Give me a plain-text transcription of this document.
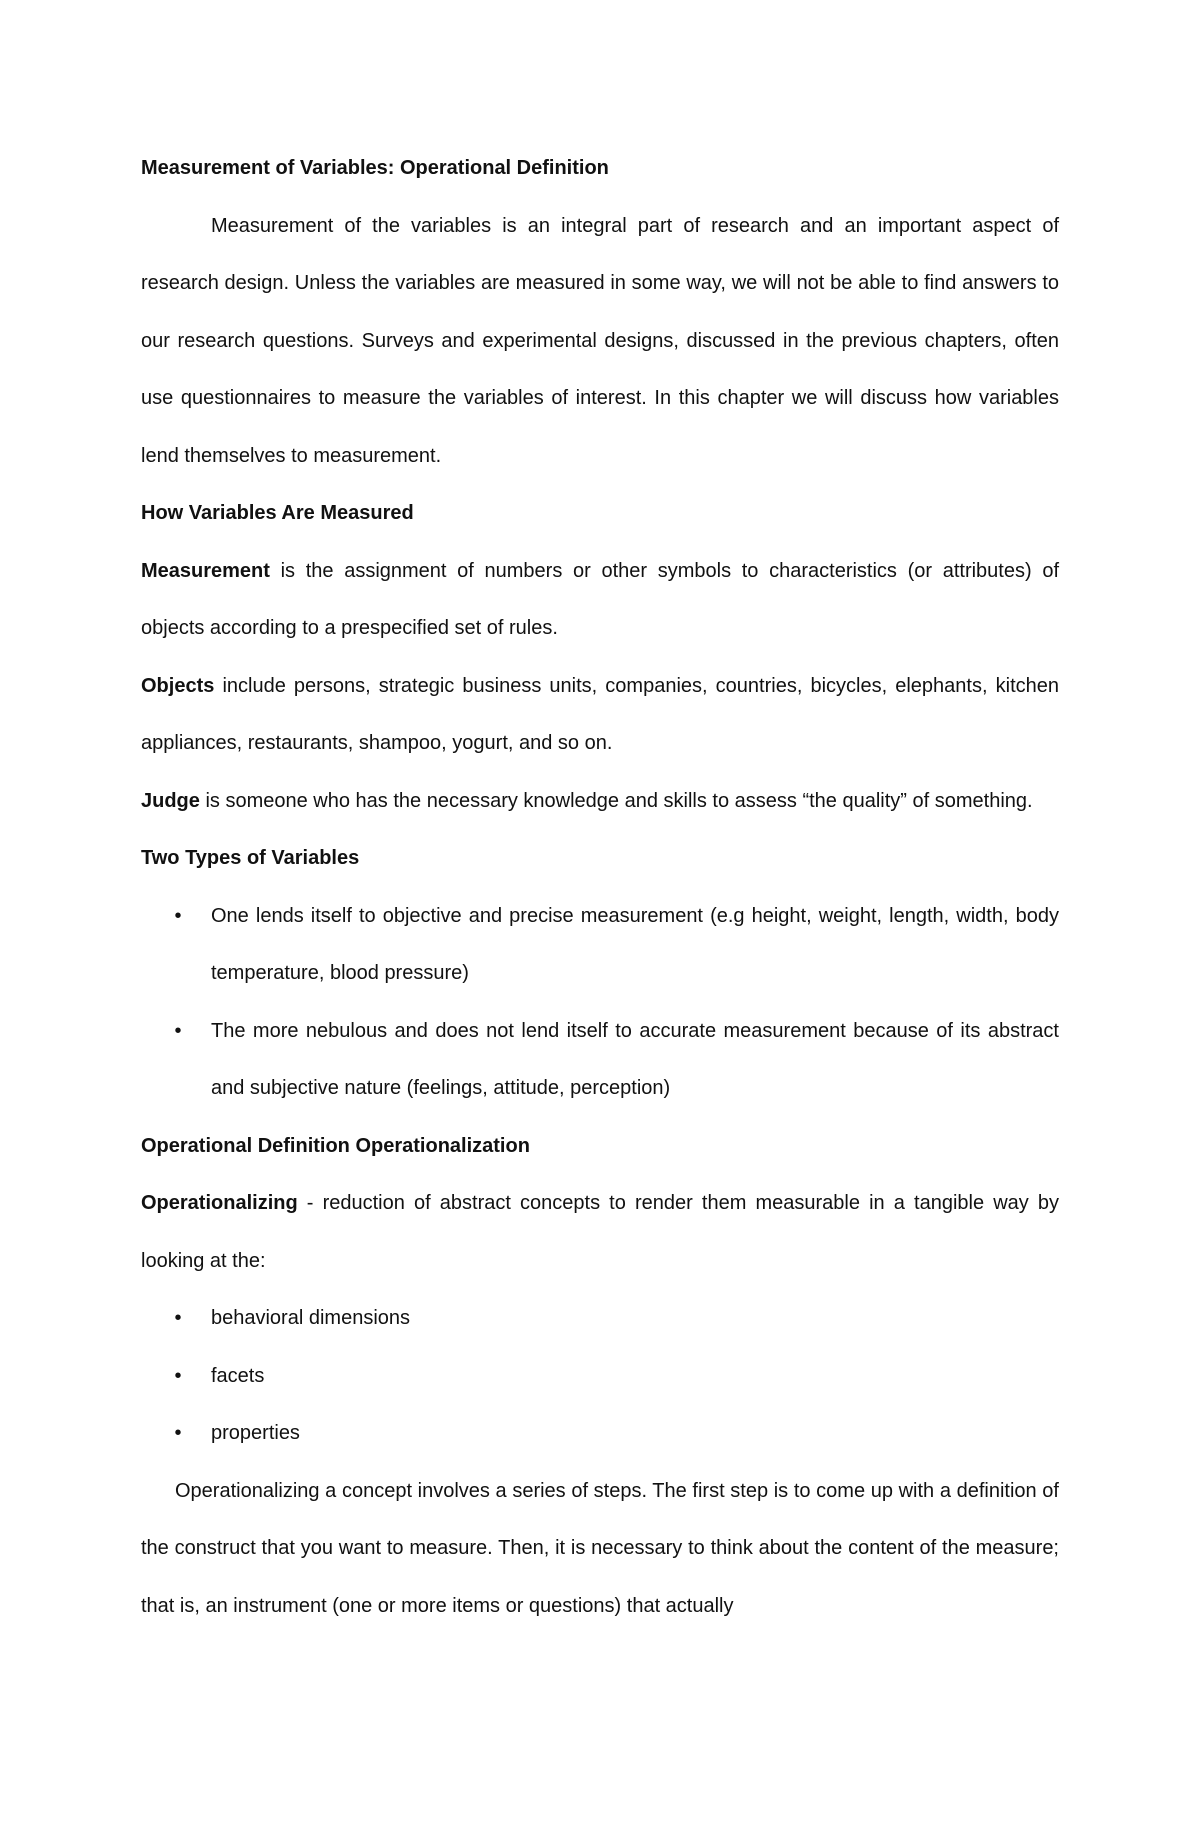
Measurement of Variables: Operational Definition

Measurement of the variables is an integral part of research and an important aspect of research design. Unless the variables are measured in some way, we will not be able to find answers to our research questions. Surveys and experimental designs, discussed in the previous chapters, often use questionnaires to measure the variables of interest. In this chapter we will discuss how variables lend themselves to measurement.

How Variables Are Measured

Measurement is the assignment of numbers or other symbols to characteristics (or attributes) of objects according to a prespecified set of rules.

Objects include persons, strategic business units, companies, countries, bicycles, elephants, kitchen appliances, restaurants, shampoo, yogurt, and so on.

Judge is someone who has the necessary knowledge and skills to assess “the quality” of something.

Two Types of Variables

•	One lends itself to objective and precise measurement (e.g height, weight, length, width, body temperature, blood pressure)
•	The more nebulous and does not lend itself to accurate measurement because of its abstract and subjective nature (feelings, attitude, perception)

Operational Definition Operationalization

Operationalizing - reduction of abstract concepts to render them measurable in a tangible way by looking at the:

•	behavioral dimensions
•	facets
•	properties

Operationalizing a concept involves a series of steps. The first step is to come up with a definition of the construct that you want to measure. Then, it is necessary to think about the content of the measure; that is, an instrument (one or more items or questions) that actually
